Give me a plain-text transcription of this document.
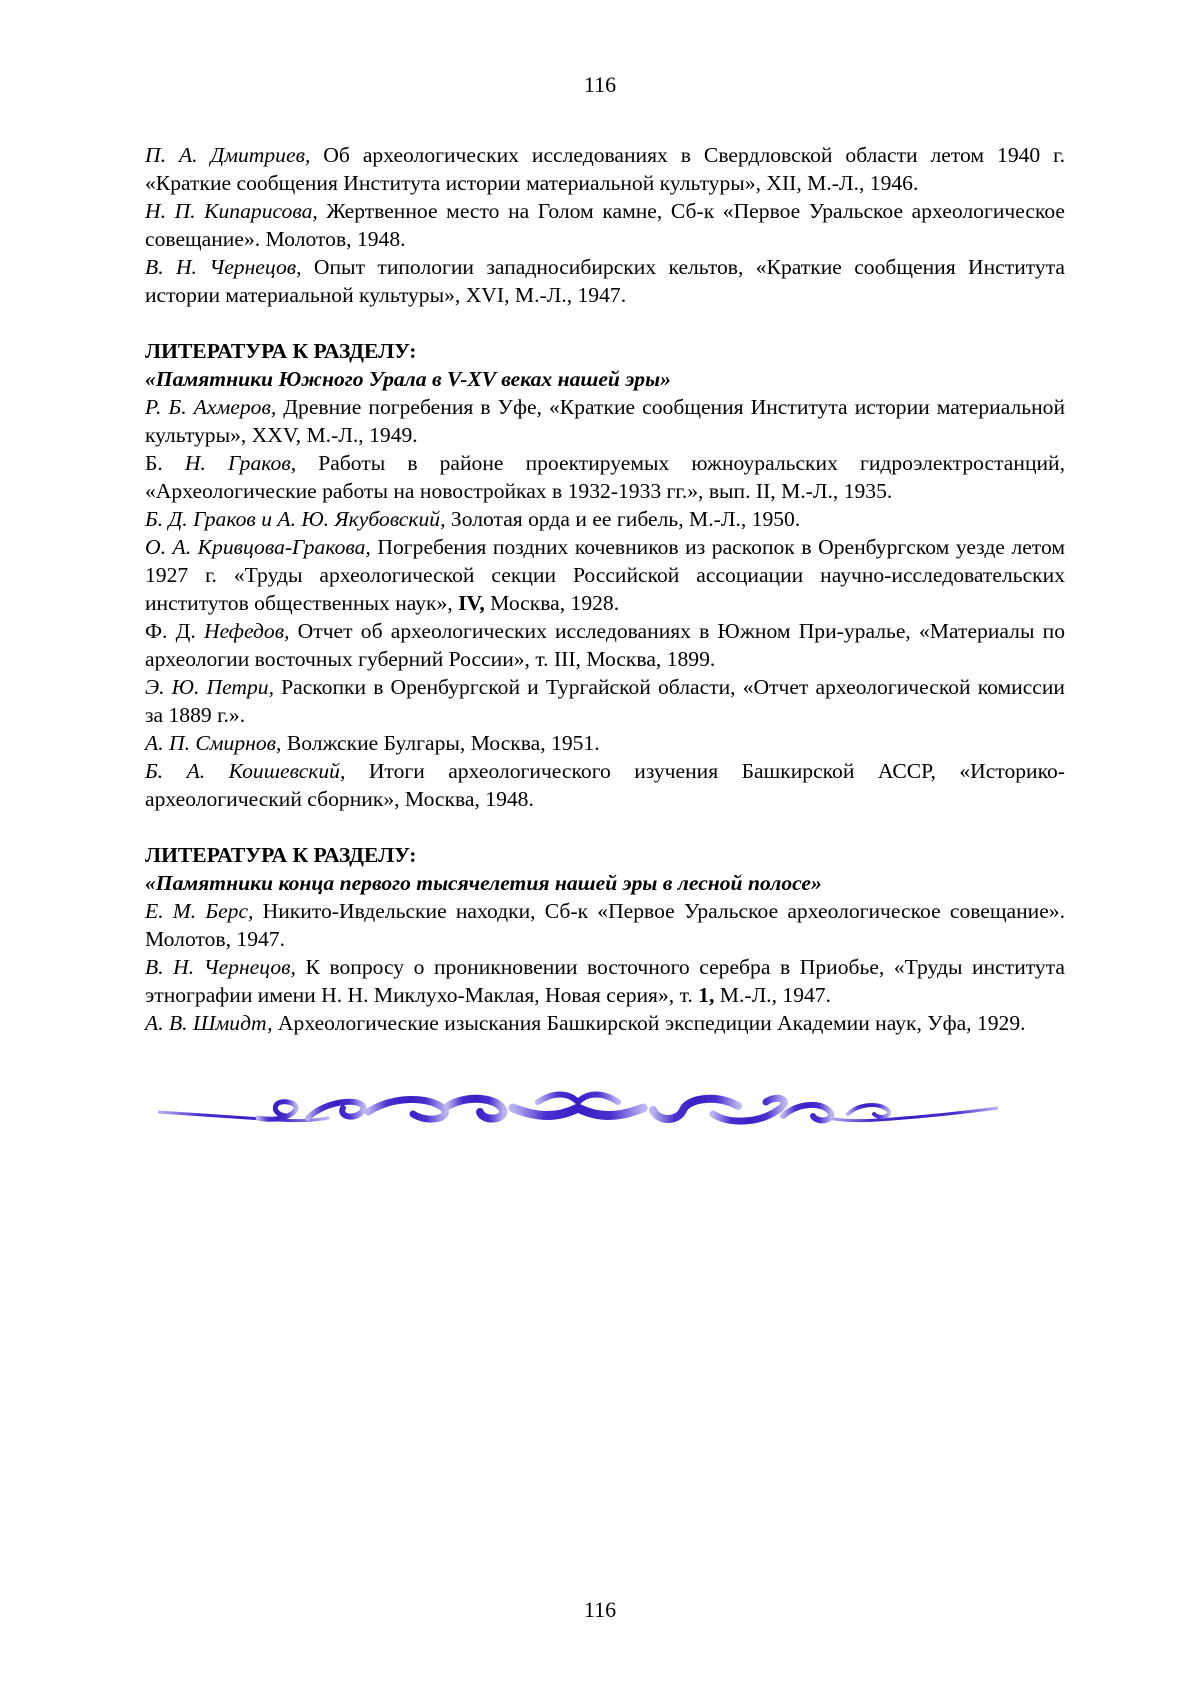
116

П. А. Дмитриев, Об археологических исследованиях в Свердловской области летом 1940 г. «Краткие сообщения Института истории материальной культуры», XII, М.-Л., 1946.

Н. П. Кипарисова, Жертвенное место на Голом камне, Сб-к «Первое Уральское археологическое совещание». Молотов, 1948.

В. Н. Чернецов, Опыт типологии западносибирских кельтов, «Краткие сообщения Института истории материальной культуры», XVI, М.-Л., 1947.

ЛИТЕРАТУРА К РАЗДЕЛУ:

«Памятники Южного Урала в V-XV веках нашей эры»

Р. Б. Ахмеров, Древние погребения в Уфе, «Краткие сообщения Института истории материальной культуры», XXV, М.-Л., 1949.

Б. Н. Граков, Работы в районе проектируемых южноуральских гидроэлектростанций, «Археологические работы на новостройках в 1932-1933 гг.», вып. II, М.-Л., 1935.

Б. Д. Граков и А. Ю. Якубовский, Золотая орда и ее гибель, М.-Л., 1950.

О. А. Кривцова-Гракова, Погребения поздних кочевников из раскопок в Оренбургском уезде летом 1927 г. «Труды археологической секции Российской ассоциации научно-исследовательских институтов общественных наук», IV, Москва, 1928.

Ф. Д. Нефедов, Отчет об археологических исследованиях в Южном При-уралье, «Материалы по археологии восточных губерний России», т. III, Москва, 1899.

Э. Ю. Петри, Раскопки в Оренбургской и Тургайской области, «Отчет археологической комиссии за 1889 г.».

А. П. Смирнов, Волжские Булгары, Москва, 1951.

Б. А. Коишевский, Итоги археологического изучения Башкирской АССР, «Историко-археологический сборник», Москва, 1948.

ЛИТЕРАТУРА К РАЗДЕЛУ:

«Памятники конца первого тысячелетия нашей эры в лесной полосе»

Е. М. Берс, Никито-Ивдельские находки, Сб-к «Первое Уральское археологическое совещание». Молотов, 1947.

В. Н. Чернецов, К вопросу о проникновении восточного серебра в Приобье, «Труды института этнографии имени Н. Н. Миклухо-Маклая, Новая серия», т. 1, М.-Л., 1947.

А. В. Шмидт, Археологические изыскания Башкирской экспедиции Академии наук, Уфа, 1929.

116
